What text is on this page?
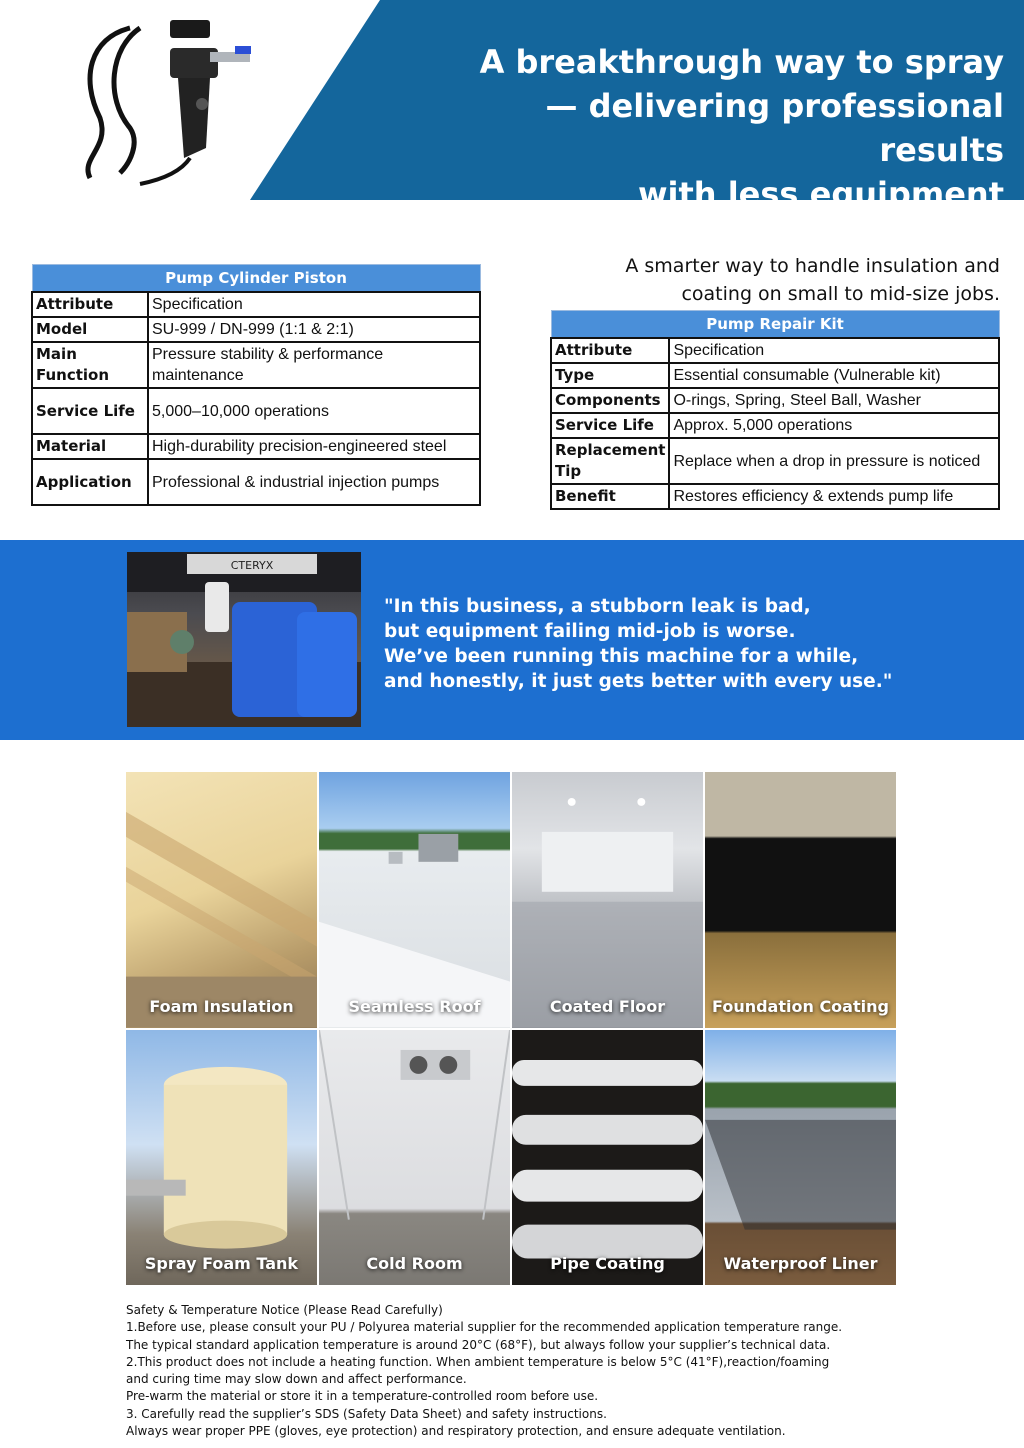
A breakthrough way to spray
— delivering professional results
with less equipment
Pump Cylinder Piston	
Attribute	Specification
Model	SU-999 / DN-999 (1:1 & 2:1)
Main Function	Pressure stability & performance maintenance
Service Life	5,000–10,000 operations
Material	High-durability precision-engineered steel
Application	Professional & industrial injection pumps
A smarter way to handle insulation and
coating on small to mid-size jobs.
Pump Repair Kit	
Attribute	Specification
Type	Essential consumable (Vulnerable kit)
Components	O-rings, Spring, Steel Ball, Washer
Service Life	Approx. 5,000 operations
Replacement Tip	Replace when a drop in pressure is noticed
Benefit	Restores efficiency & extends pump life
CTERYX
"In this business, a stubborn leak is bad,
but equipment failing mid-job is worse.
We’ve been running this machine for a while,
and honestly, it just gets better with every use."
Foam Insulation	Seamless Roof	Coated Floor	Foundation Coating
Spray Foam Tank	Cold Room	Pipe Coating	Waterproof Liner

Safety & Temperature Notice (Please Read Carefully)

1.Before use, please consult your PU / Polyurea material supplier for the recommended application temperature range.

The typical standard application temperature is around 20°C (68°F), but always follow your supplier’s technical data.

2.This product does not include a heating function. When ambient temperature is below 5°C (41°F),reaction/foaming

and curing time may slow down and affect performance.

Pre-warm the material or store it in a temperature-controlled room before use.

3. Carefully read the supplier’s SDS (Safety Data Sheet) and safety instructions.

Always wear proper PPE (gloves, eye protection) and respiratory protection, and ensure adequate ventilation.
